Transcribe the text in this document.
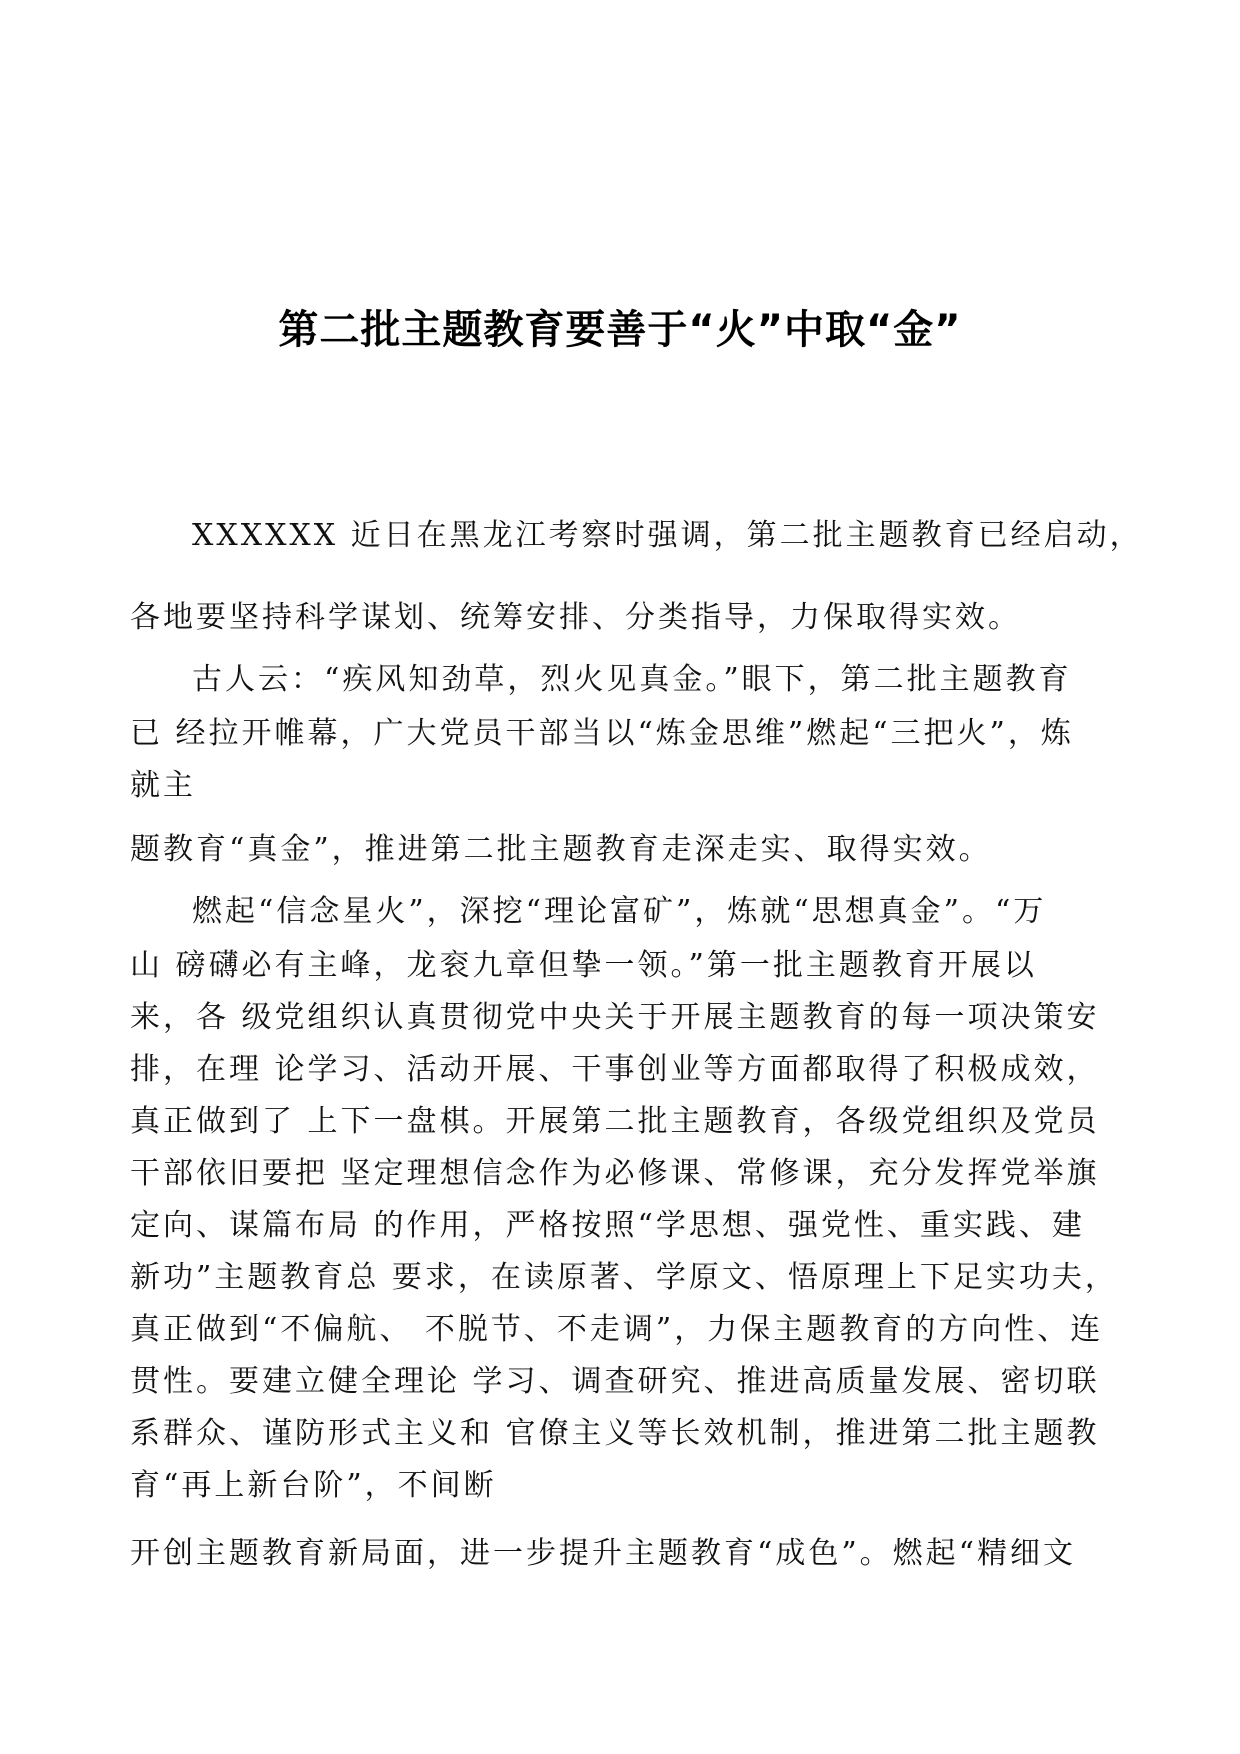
第二批主题教育要善于“火”中取“金”
XXXXXX 近日在黑龙江考察时强调，第二批主题教育已经启动，
各地要坚持科学谋划、统筹安排、分类指导，力保取得实效。
古人云：“疾风知劲草，烈火见真金。”眼下，第二批主题教育
已 经拉开帷幕，广大党员干部当以“炼金思维”燃起“三把火”，炼
就主
题教育“真金”，推进第二批主题教育走深走实、取得实效。
燃起“信念星火”，深挖“理论富矿”，炼就“思想真金”。“万
山 磅礴必有主峰，龙衮九章但挚一领。”第一批主题教育开展以
来，各 级党组织认真贯彻党中央关于开展主题教育的每一项决策安
排，在理 论学习、活动开展、干事创业等方面都取得了积极成效，
真正做到了 上下一盘棋。开展第二批主题教育，各级党组织及党员
干部依旧要把 坚定理想信念作为必修课、常修课，充分发挥党举旗
定向、谋篇布局 的作用，严格按照“学思想、强党性、重实践、建
新功”主题教育总 要求，在读原著、学原文、悟原理上下足实功夫，
真正做到“不偏航、 不脱节、不走调”，力保主题教育的方向性、连
贯性。要建立健全理论 学习、调查研究、推进高质量发展、密切联
系群众、谨防形式主义和 官僚主义等长效机制，推进第二批主题教
育“再上新台阶”，不间断
开创主题教育新局面，进一步提升主题教育“成色”。燃起“精细文
